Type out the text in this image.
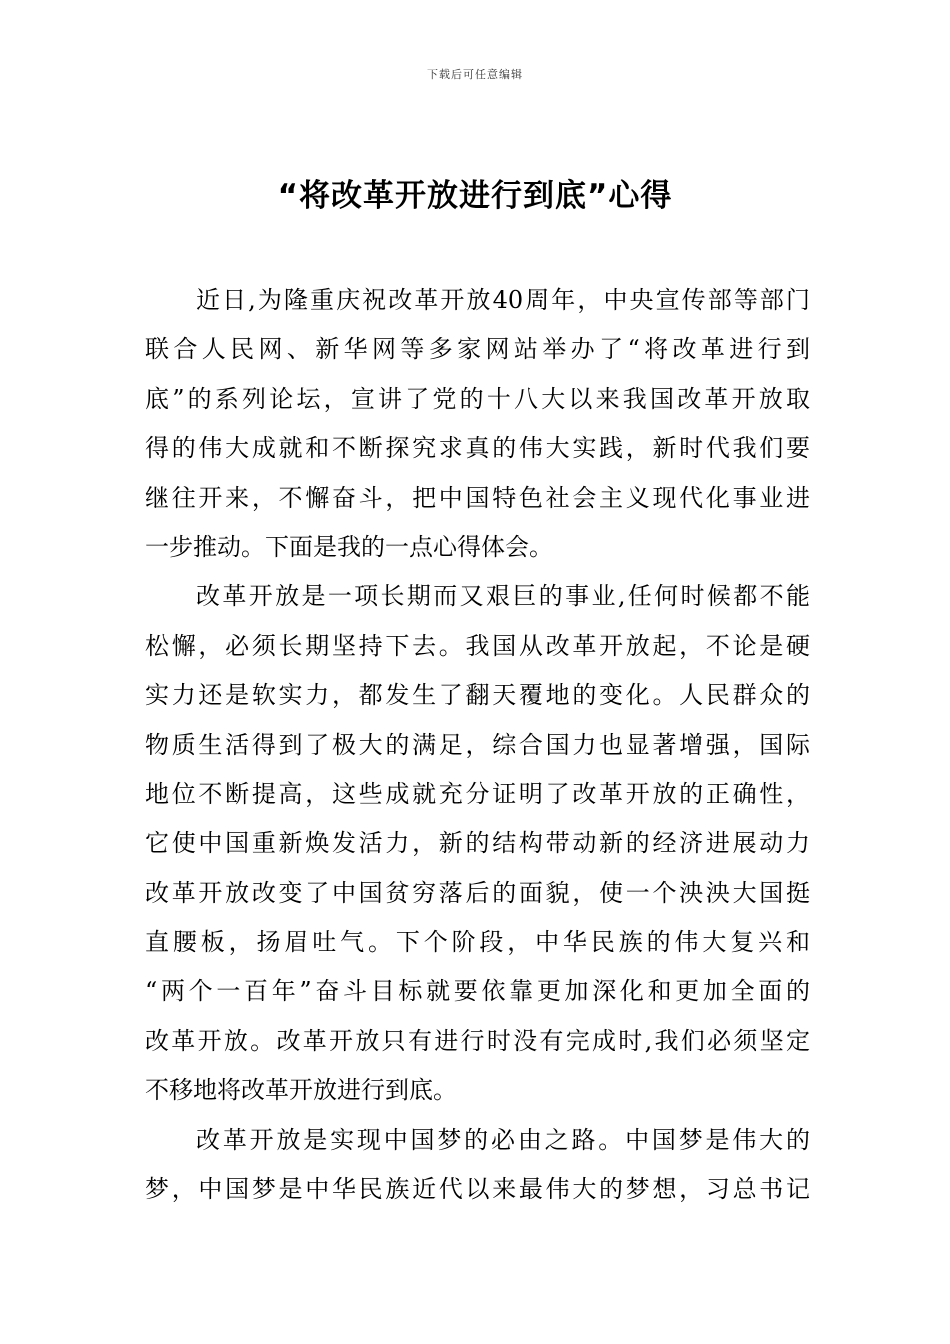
下载后可任意编辑
“将改革开放进行到底”心得
近日,为隆重庆祝改革开放40周年，中央宣传部等部门
联合人民网、新华网等多家网站举办了“将改革进行到
底”的系列论坛，宣讲了党的十八大以来我国改革开放取
得的伟大成就和不断探究求真的伟大实践，新时代我们要
继往开来，不懈奋斗，把中国特色社会主义现代化事业进
一步推动。下面是我的一点心得体会。
改革开放是一项长期而又艰巨的事业,任何时候都不能
松懈，必须长期坚持下去。我国从改革开放起，不论是硬
实力还是软实力，都发生了翻天覆地的变化。人民群众的
物质生活得到了极大的满足，综合国力也显著增强，国际
地位不断提高，这些成就充分证明了改革开放的正确性，
它使中国重新焕发活力，新的结构带动新的经济进展动力
改革开放改变了中国贫穷落后的面貌，使一个泱泱大国挺
直腰板，扬眉吐气。下个阶段，中华民族的伟大复兴和
“两个一百年”奋斗目标就要依靠更加深化和更加全面的
改革开放。改革开放只有进行时没有完成时,我们必须坚定
不移地将改革开放进行到底。
改革开放是实现中国梦的必由之路。中国梦是伟大的
梦，中国梦是中华民族近代以来最伟大的梦想，习总书记
